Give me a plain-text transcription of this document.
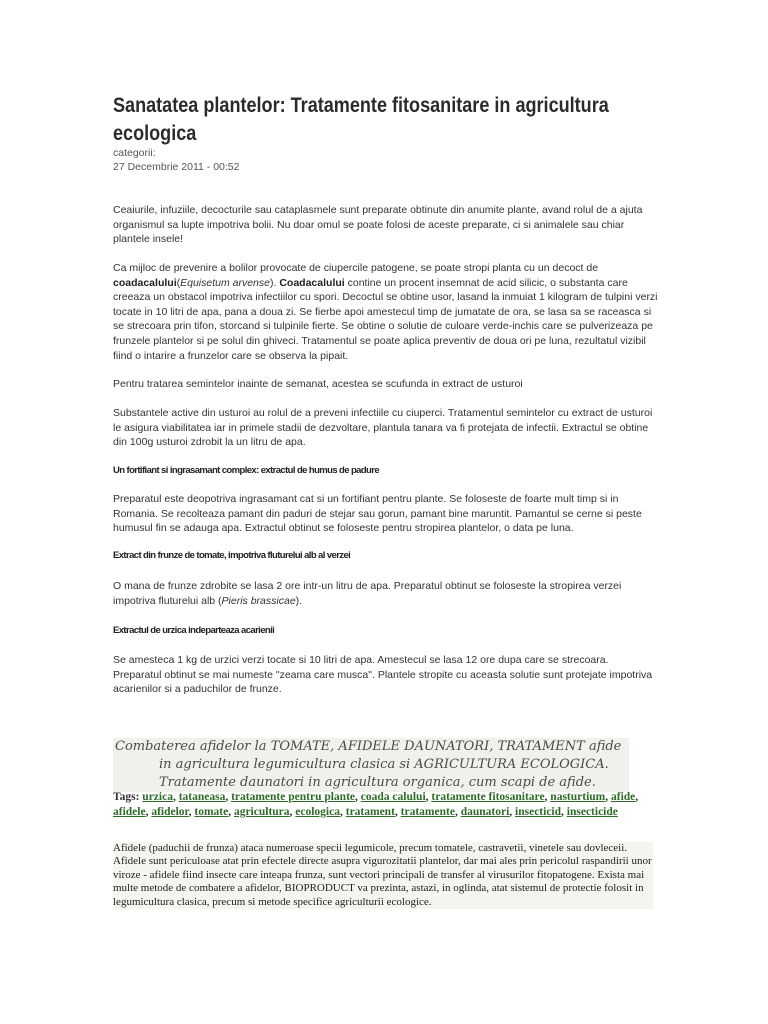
Sanatatea plantelor: Tratamente fitosanitare in agricultura ecologica
categorii:
27 Decembrie 2011 - 00:52

Ceaiurile, infuziile, decocturile sau cataplasmele sunt preparate obtinute din anumite plante, avand rolul de a ajuta organismul sa lupte impotriva bolii. Nu doar omul se poate folosi de aceste preparate, ci si animalele sau chiar plantele insele!

Ca mijloc de prevenire a bolilor provocate de ciupercile patogene, se poate stropi planta cu un decoct de coadacalului(Equisetum arvense). Coadacalului contine un procent insemnat de acid silicic, o substanta care creeaza un obstacol impotriva infectiilor cu spori. Decoctul se obtine usor, lasand la inmuiat 1 kilogram de tulpini verzi tocate in 10 litri de apa, pana a doua zi. Se fierbe apoi amestecul timp de jumatate de ora, se lasa sa se raceasca si se strecoara prin tifon, storcand si tulpinile fierte. Se obtine o solutie de culoare verde-inchis care se pulverizeaza pe frunzele plantelor si pe solul din ghiveci. Tratamentul se poate aplica preventiv de doua ori pe luna, rezultatul vizibil fiind o intarire a frunzelor care se observa la pipait.

Pentru tratarea semintelor inainte de semanat, acestea se scufunda in extract de usturoi

Substantele active din usturoi au rolul de a preveni infectiile cu ciuperci. Tratamentul semintelor cu extract de usturoi le asigura viabilitatea iar in primele stadii de dezvoltare, plantula tanara va fi protejata de infectii. Extractul se obtine din 100g usturoi zdrobit la un litru de apa.

Un fortifiant si ingrasamant complex: extractul de humus de padure

Preparatul este deopotriva ingrasamant cat si un fortifiant pentru plante. Se foloseste de foarte mult timp si in Romania. Se recolteaza pamant din paduri de stejar sau gorun, pamant bine maruntit. Pamantul se cerne si peste humusul fin se adauga apa. Extractul obtinut se foloseste pentru stropirea plantelor, o data pe luna.

Extract din frunze de tomate, impotriva fluturelui alb al verzei

O mana de frunze zdrobite se lasa 2 ore intr-un litru de apa. Preparatul obtinut se foloseste la stropirea verzei impotriva fluturelui alb (Pieris brassicae).

Extractul de urzica indeparteaza acarienii

Se amesteca 1 kg de urzici verzi tocate si 10 litri de apa. Amestecul se lasa 12 ore dupa care se strecoara. Preparatul obtinut se mai numeste "zeama care musca". Plantele stropite cu aceasta solutie sunt protejate impotriva acarienilor si a paduchilor de frunze.

Combaterea afidelor la TOMATE, AFIDELE DAUNATORI, TRATAMENT afide
in agricultura legumicultura clasica si AGRICULTURA ECOLOGICA.
Tratamente daunatori in agricultura organica, cum scapi de afide.

Tags: urzica, tataneasa, tratamente pentru plante, coada calului, tratamente fitosanitare, nasturtium, afide, afidele, afidelor, tomate, agricultura, ecologica, tratament, tratamente, daunatori, insecticid, insecticide

Afidele (paduchii de frunza) ataca numeroase specii legumicole, precum tomatele, castravetii, vinetele sau dovleceii. Afidele sunt periculoase atat prin efectele directe asupra vigurozitatii plantelor, dar mai ales prin pericolul raspandirii unor viroze - afidele fiind insecte care inteapa frunza, sunt vectori principali de transfer al virusurilor fitopatogene. Exista mai multe metode de combatere a afidelor, BIOPRODUCT va prezinta, astazi, in oglinda, atat sistemul de protectie folosit in legumicultura clasica, precum si metode specifice agriculturii ecologice.
